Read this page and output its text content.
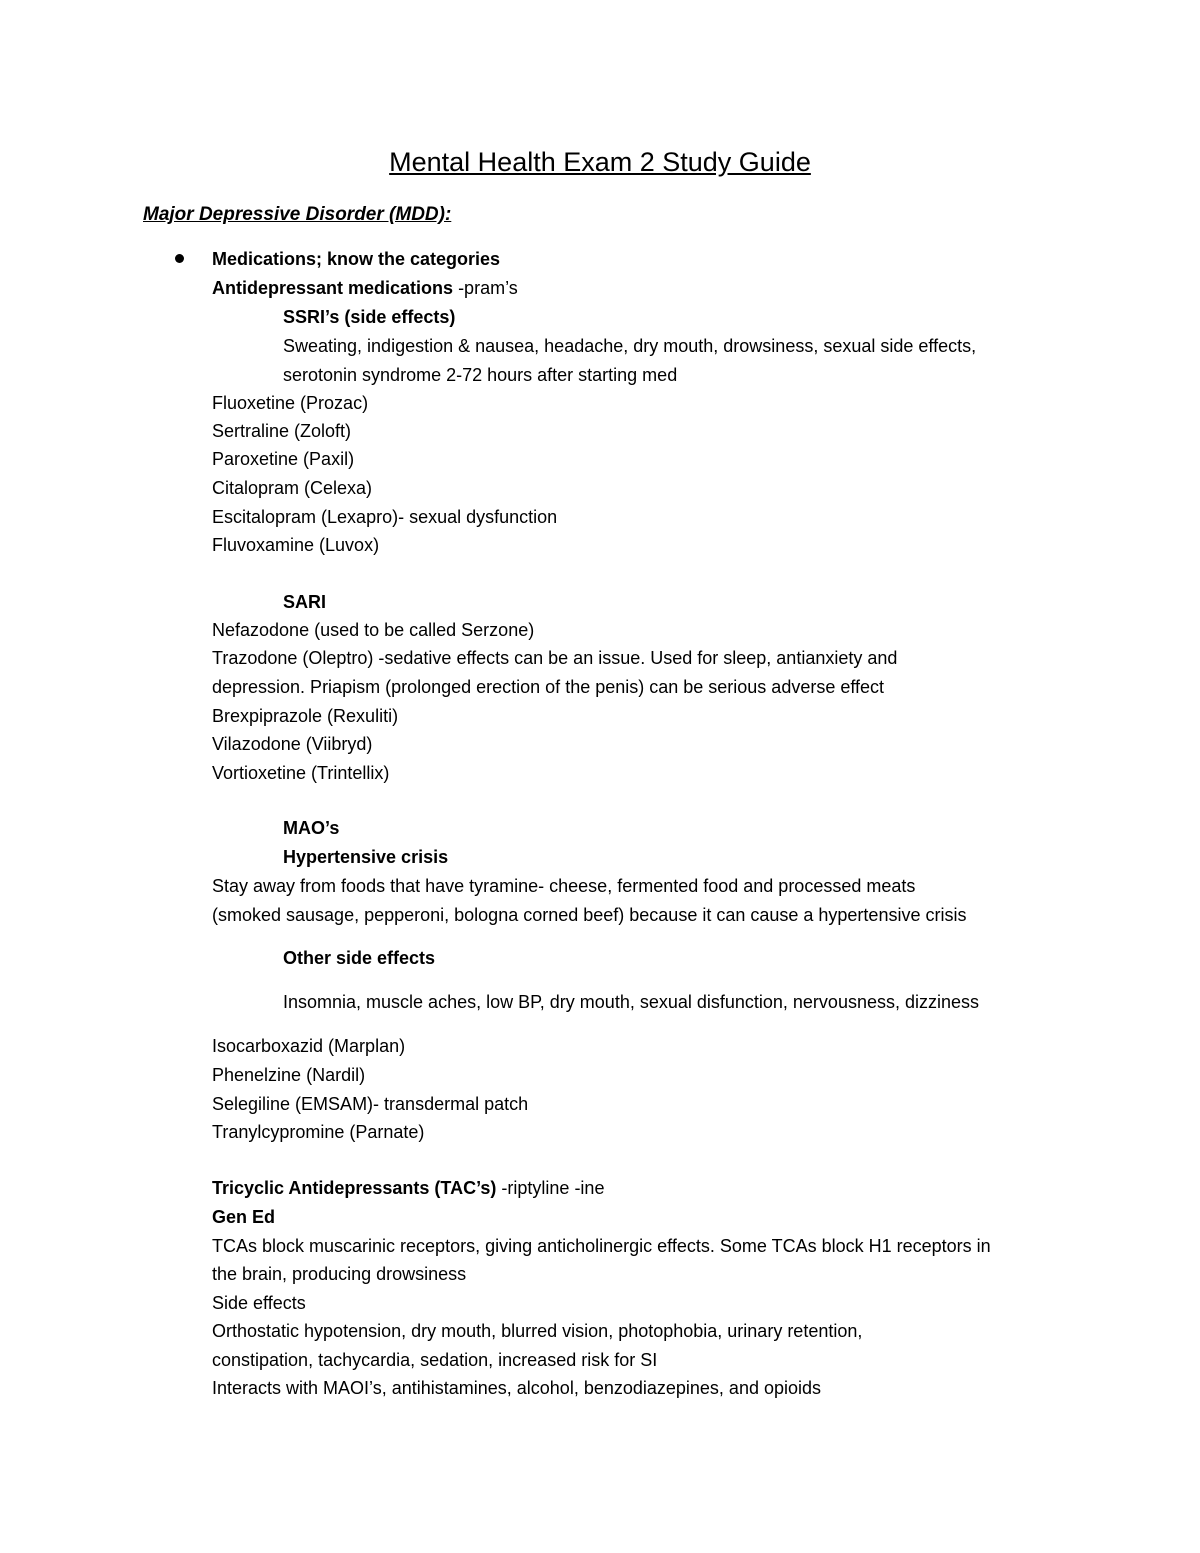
Mental Health Exam 2 Study Guide
Major Depressive Disorder (MDD):
Medications; know the categories
Antidepressant medications -pram’s
SSRI’s (side effects)
Sweating, indigestion & nausea, headache, dry mouth, drowsiness, sexual side effects,
serotonin syndrome 2-72 hours after starting med
Fluoxetine (Prozac)
Sertraline (Zoloft)
Paroxetine (Paxil)
Citalopram (Celexa)
Escitalopram (Lexapro)- sexual dysfunction
Fluvoxamine (Luvox)
SARI
Nefazodone (used to be called Serzone)
Trazodone (Oleptro) -sedative effects can be an issue. Used for sleep, antianxiety and
depression. Priapism (prolonged erection of the penis) can be serious adverse effect
Brexpiprazole (Rexuliti)
Vilazodone (Viibryd)
Vortioxetine (Trintellix)
MAO’s
Hypertensive crisis
Stay away from foods that have tyramine- cheese, fermented food and processed meats
(smoked sausage, pepperoni, bologna corned beef) because it can cause a hypertensive crisis
Other side effects
Insomnia, muscle aches, low BP, dry mouth, sexual disfunction, nervousness, dizziness
Isocarboxazid (Marplan)
Phenelzine (Nardil)
Selegiline (EMSAM)- transdermal patch
Tranylcypromine (Parnate)
Tricyclic Antidepressants (TAC’s) -riptyline -ine
Gen Ed
TCAs block muscarinic receptors, giving anticholinergic effects. Some TCAs block H1 receptors in
the brain, producing drowsiness
Side effects
Orthostatic hypotension, dry mouth, blurred vision, photophobia, urinary retention,
constipation, tachycardia, sedation, increased risk for SI
Interacts with MAOI’s, antihistamines, alcohol, benzodiazepines, and opioids
